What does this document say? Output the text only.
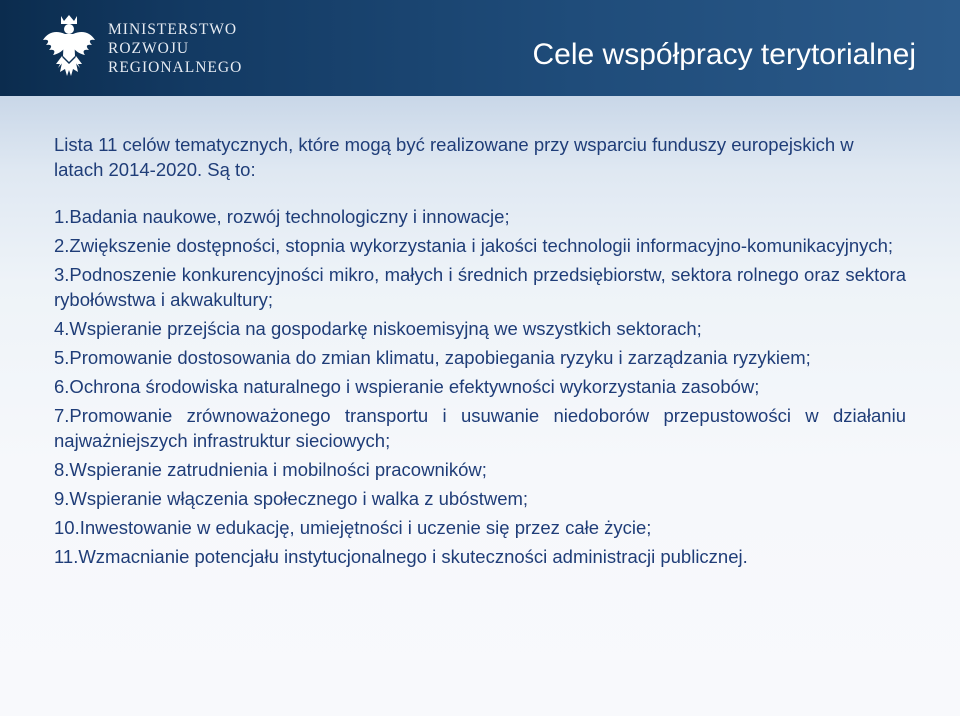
MINISTERSTWO
ROZWOJU
REGIONALNEGO	Cele współpracy terytorialnej

Lista 11 celów tematycznych, które mogą być realizowane przy wsparciu funduszy europejskich w latach 2014-2020. Są to:

1.Badania naukowe, rozwój technologiczny i innowacje;
2.Zwiększenie dostępności, stopnia wykorzystania i jakości technologii informacyjno-komunikacyjnych;
3.Podnoszenie konkurencyjności mikro, małych i średnich przedsiębiorstw, sektora rolnego oraz sektora rybołówstwa i akwakultury;
4.Wspieranie przejścia na gospodarkę niskoemisyjną we wszystkich sektorach;
5.Promowanie dostosowania do zmian klimatu, zapobiegania ryzyku i zarządzania ryzykiem;
6.Ochrona środowiska naturalnego i wspieranie efektywności wykorzystania zasobów;
7.Promowanie zrównoważonego transportu i usuwanie niedoborów przepustowości w działaniu najważniejszych infrastruktur sieciowych;
8.Wspieranie zatrudnienia i mobilności pracowników;
9.Wspieranie włączenia społecznego i walka z ubóstwem;
10.Inwestowanie w edukację, umiejętności i uczenie się przez całe życie;
11.Wzmacnianie potencjału instytucjonalnego i skuteczności administracji publicznej.
